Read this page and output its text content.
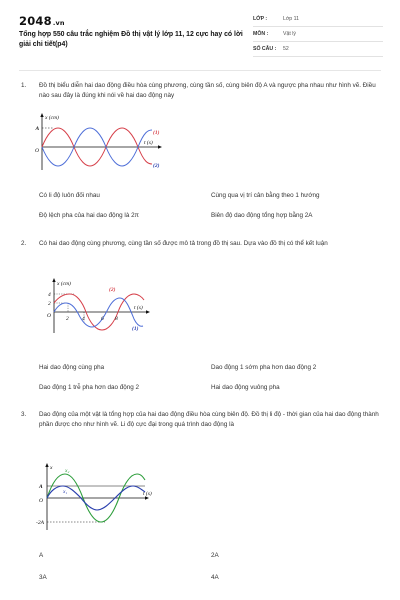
2048.vn
Tổng hợp 550 câu trắc nghiệm Đồ thị vật lý lớp 11, 12 cực hay có lời giải chi tiết(p4)
LỚP :	Lớp 11
MÔN :	Vật lý
SỐ CÂU : 52
1. Đồ thị biểu diễn hai dao động điều hòa cùng phương, cùng tần số, cùng biên độ A và ngược pha nhau như hình vẽ. Điều nào sau đây là đúng khi nói về hai dao động này
x (cm)
t (s)
A
O
(1)
(2)
Có li độ luôn đối nhau	Cùng qua vị trí cân bằng theo 1 hướng
Độ lệch pha của hai dao động là 2π	Biên độ dao động tổng hợp bằng 2A
2. Có hai dao động cùng phương, cùng tần số được mô tả trong đồ thị sau. Dựa vào đồ thị có thể kết luận
x (cm)
t (s)
4
2
O	2 4	6 8
(2)
(1)
Hai dao động cùng pha	Dao động 1 sớm pha hơn dao động 2
Dao động 1 trễ pha hơn dao động 2	Hai dao động vuông pha
3. Dao động của một vật là tổng hợp của hai dao động điều hòa cùng biên độ. Đồ thị li độ - thời gian của hai dao động thành phần được cho như hình vẽ. Li độ cực đại trong quá trình dao động là
x
t (s)
A
O
-2A
x₂
x₁
A	2A
3A	4A
